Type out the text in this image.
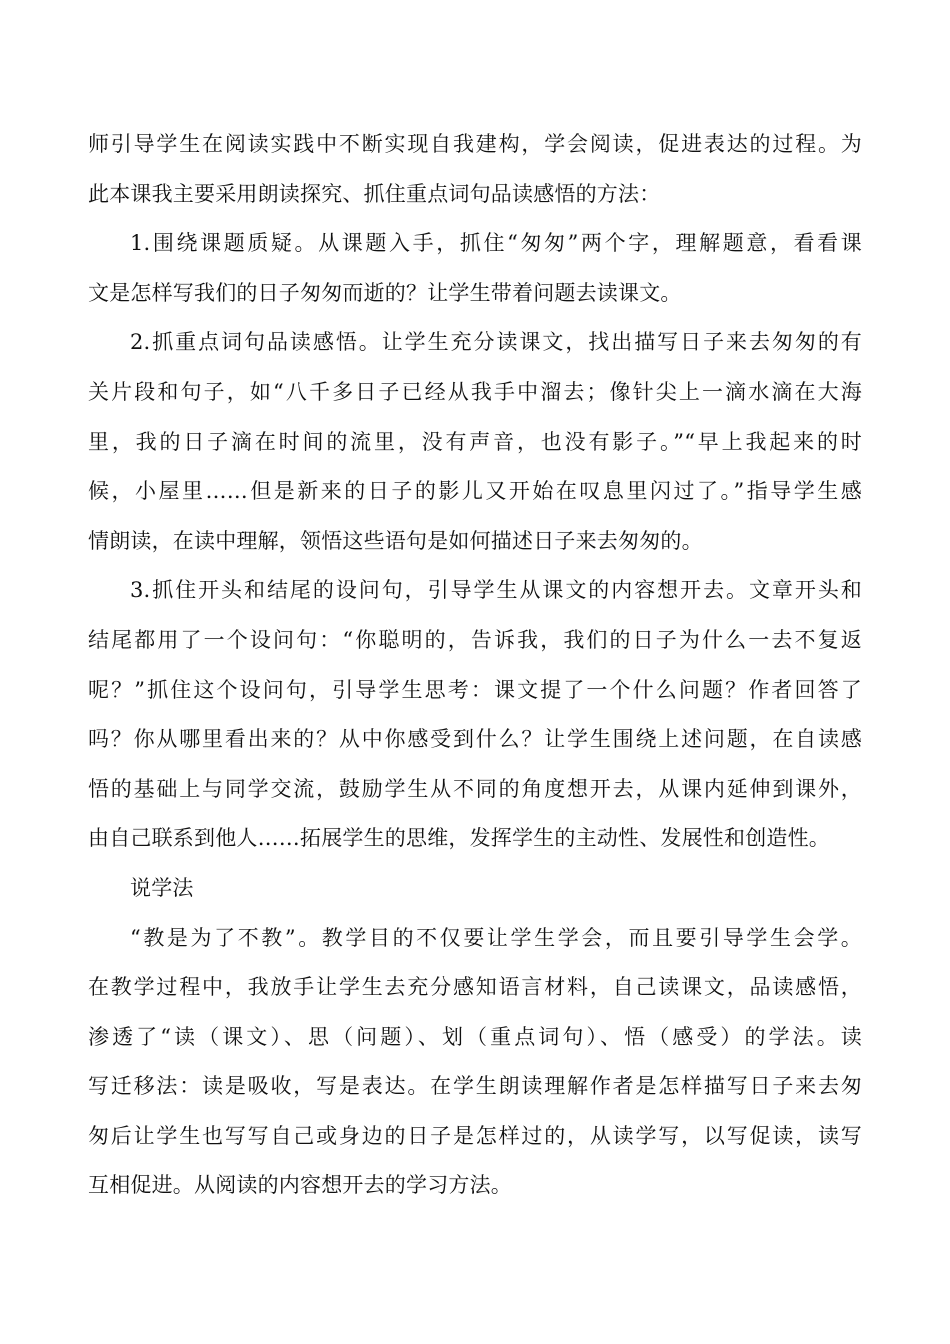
师引导学生在阅读实践中不断实现自我建构，学会阅读，促进表达的过程。为
此本课我主要采用朗读探究、抓住重点词句品读感悟的方法：
1.围绕课题质疑。从课题入手，抓住“匆匆”两个字，理解题意，看看课
文是怎样写我们的日子匆匆而逝的？让学生带着问题去读课文。
2.抓重点词句品读感悟。让学生充分读课文，找出描写日子来去匆匆的有
关片段和句子，如“八千多日子已经从我手中溜去；像针尖上一滴水滴在大海
里，我的日子滴在时间的流里，没有声音，也没有影子。”“早上我起来的时
候，小屋里……但是新来的日子的影儿又开始在叹息里闪过了。”指导学生感
情朗读，在读中理解，领悟这些语句是如何描述日子来去匆匆的。
3.抓住开头和结尾的设问句，引导学生从课文的内容想开去。文章开头和
结尾都用了一个设问句：“你聪明的，告诉我，我们的日子为什么一去不复返
呢？”抓住这个设问句，引导学生思考：课文提了一个什么问题？作者回答了
吗？你从哪里看出来的？从中你感受到什么？让学生围绕上述问题，在自读感
悟的基础上与同学交流，鼓励学生从不同的角度想开去，从课内延伸到课外，
由自己联系到他人……拓展学生的思维，发挥学生的主动性、发展性和创造性。
说学法
“教是为了不教”。教学目的不仅要让学生学会，而且要引导学生会学。
在教学过程中，我放手让学生去充分感知语言材料，自己读课文，品读感悟，
渗透了“读（课文）、思（问题）、划（重点词句）、悟（感受）的学法。读
写迁移法：读是吸收，写是表达。在学生朗读理解作者是怎样描写日子来去匆
匆后让学生也写写自己或身边的日子是怎样过的，从读学写，以写促读，读写
互相促进。从阅读的内容想开去的学习方法。
